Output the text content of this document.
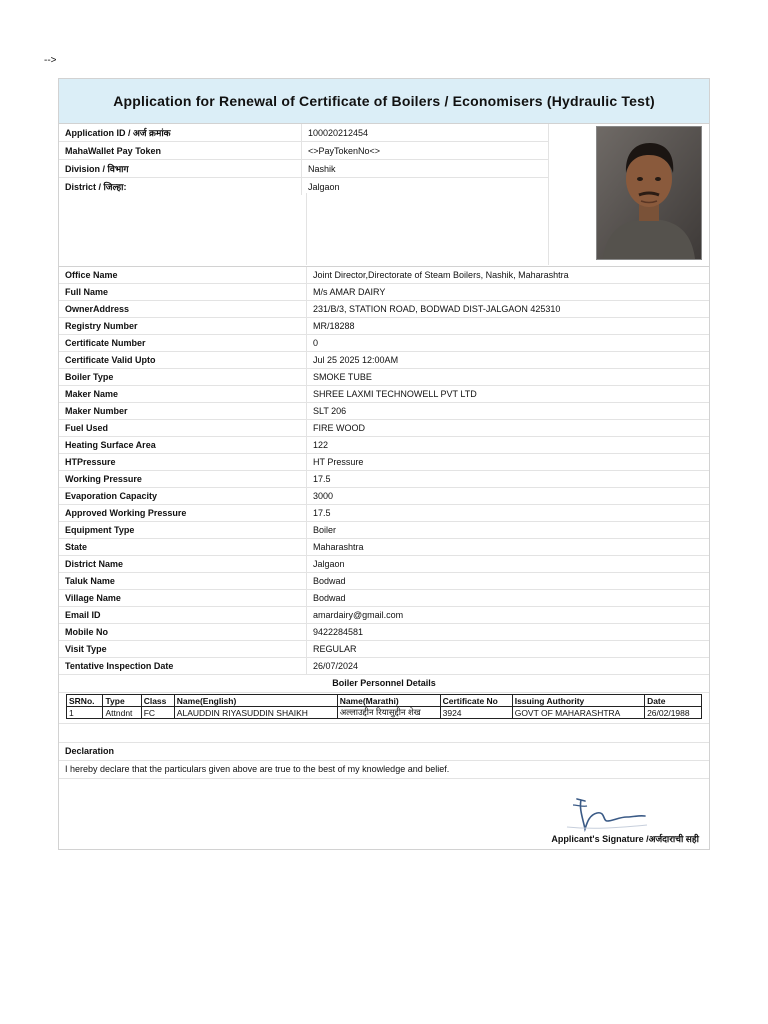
-->
Application for Renewal of Certificate of Boilers / Economisers (Hydraulic Test)
Application ID / अर्ज क्रमांक	100020212454
MahaWallet Pay Token	<>PayTokenNo<>
Division / विभाग	Nashik
District / जिल्हा:	Jalgaon
Office Name	Joint Director,Directorate of Steam Boilers, Nashik, Maharashtra
Full Name	M/s AMAR DAIRY
OwnerAddress	231/B/3, STATION ROAD, BODWAD DIST-JALGAON 425310
Registry Number	MR/18288
Certificate Number	0
Certificate Valid Upto	Jul 25 2025 12:00AM
Boiler Type	SMOKE TUBE
Maker Name	SHREE LAXMI TECHNOWELL PVT LTD
Maker Number	SLT 206
Fuel Used	FIRE WOOD
Heating Surface Area	122
HTPressure	HT Pressure
Working Pressure	17.5
Evaporation Capacity	3000
Approved Working Pressure	17.5
Equipment Type	Boiler
State	Maharashtra
District Name	Jalgaon
Taluk Name	Bodwad
Village Name	Bodwad
Email ID	amardairy@gmail.com
Mobile No	9422284581
Visit Type	REGULAR
Tentative Inspection Date	26/07/2024
Boiler Personnel Details
SRNo.	Type	Class	Name(English)	Name(Marathi)	Certificate No	Issuing Authority	Date
1	Attndnt	FC	ALAUDDIN RIYASUDDIN SHAIKH	अल्लाउद्दीन रियासुद्दीन शेख	3924	GOVT OF MAHARASHTRA	26/02/1988
Declaration
I hereby declare that the particulars given above are true to the best of my knowledge and belief.
Applicant's Signature /अर्जदाराची सही
